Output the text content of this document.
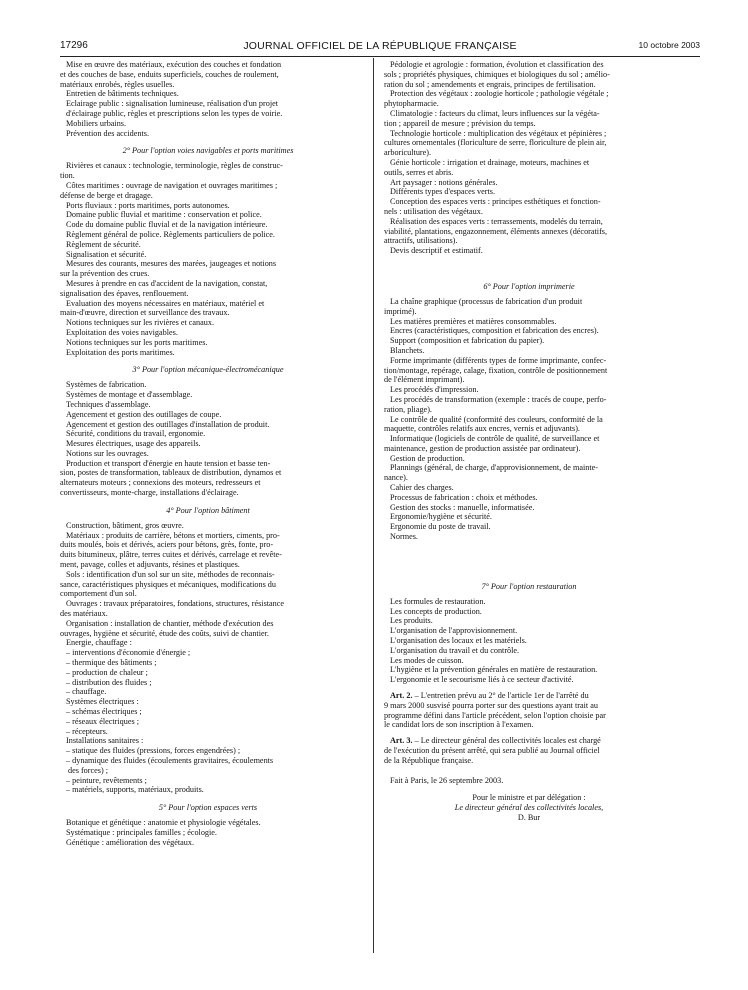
17296	JOURNAL OFFICIEL DE LA RÉPUBLIQUE FRANÇAISE	10 octobre 2003
Mise en œuvre des matériaux, exécution des couches et fondation
et des couches de base, enduits superficiels, couches de roulement,
matériaux enrobés, règles usuelles.
Entretien de bâtiments techniques.
Eclairage public : signalisation lumineuse, réalisation d'un projet
d'éclairage public, règles et prescriptions selon les types de voirie.
Mobiliers urbains.
Prévention des accidents.
2° Pour l'option voies navigables et ports maritimes
Rivières et canaux : technologie, terminologie, règles de construc-
tion.
Côtes maritimes : ouvrage de navigation et ouvrages maritimes ;
défense de berge et dragage.
Ports fluviaux : ports maritimes, ports autonomes.
Domaine public fluvial et maritime : conservation et police.
Code du domaine public fluvial et de la navigation intérieure.
Règlement général de police. Règlements particuliers de police.
Règlement de sécurité.
Signalisation et sécurité.
Mesures des courants, mesures des marées, jaugeages et notions
sur la prévention des crues.
Mesures à prendre en cas d'accident de la navigation, constat,
signalisation des épaves, renflouement.
Evaluation des moyens nécessaires en matériaux, matériel et
main-d'œuvre, direction et surveillance des travaux.
Notions techniques sur les rivières et canaux.
Exploitation des voies navigables.
Notions techniques sur les ports maritimes.
Exploitation des ports maritimes.
3° Pour l'option mécanique-électromécanique
Systèmes de fabrication.
Systèmes de montage et d'assemblage.
Techniques d'assemblage.
Agencement et gestion des outillages de coupe.
Agencement et gestion des outillages d'installation de produit.
Sécurité, conditions du travail, ergonomie.
Mesures électriques, usage des appareils.
Notions sur les ouvrages.
Production et transport d'énergie en haute tension et basse ten-
sion, postes de transformation, tableaux de distribution, dynamos et
alternateurs moteurs ; connexions des moteurs, redresseurs et
convertisseurs, monte-charge, installations d'éclairage.
4° Pour l'option bâtiment
Construction, bâtiment, gros œuvre.
Matériaux : produits de carrière, bétons et mortiers, ciments, pro-
duits moulés, bois et dérivés, aciers pour bétons, grès, fonte, pro-
duits bitumineux, plâtre, terres cuites et dérivés, carrelage et revête-
ment, pavage, colles et adjuvants, résines et plastiques.
Sols : identification d'un sol sur un site, méthodes de reconnais-
sance, caractéristiques physiques et mécaniques, modifications du
comportement d'un sol.
Ouvrages : travaux préparatoires, fondations, structures, résistance
des matériaux.
Organisation : installation de chantier, méthode d'exécution des
ouvrages, hygiène et sécurité, étude des coûts, suivi de chantier.
Energie, chauffage :
– interventions d'économie d'énergie ;
– thermique des bâtiments ;
– production de chaleur ;
– distribution des fluides ;
– chauffage.
Systèmes électriques :
– schémas électriques ;
– réseaux électriques ;
– récepteurs.
Installations sanitaires :
– statique des fluides (pressions, forces engendrées) ;
– dynamique des fluides (écoulements gravitaires, écoulements
des forces) ;
– peinture, revêtements ;
– matériels, supports, matériaux, produits.
5° Pour l'option espaces verts
Botanique et génétique : anatomie et physiologie végétales.
Systématique : principales familles ; écologie.
Génétique : amélioration des végétaux.
Pédologie et agrologie : formation, évolution et classification des
sols ; propriétés physiques, chimiques et biologiques du sol ; amélio-
ration du sol ; amendements et engrais, principes de fertilisation.
Protection des végétaux : zoologie horticole ; pathologie végétale ;
phytopharmacie.
Climatologie : facteurs du climat, leurs influences sur la végéta-
tion ; appareil de mesure ; prévision du temps.
Technologie horticole : multiplication des végétaux et pépinières ;
cultures ornementales (floriculture de serre, floriculture de plein air,
arboriculture).
Génie horticole : irrigation et drainage, moteurs, machines et
outils, serres et abris.
Art paysager : notions générales.
Différents types d'espaces verts.
Conception des espaces verts : principes esthétiques et fonction-
nels : utilisation des végétaux.
Réalisation des espaces verts : terrassements, modelés du terrain,
viabilité, plantations, engazonnement, éléments annexes (décoratifs,
attractifs, utilisations).
Devis descriptif et estimatif.
6° Pour l'option imprimerie
La chaîne graphique (processus de fabrication d'un produit
imprimé).
Les matières premières et matières consommables.
Encres (caractéristiques, composition et fabrication des encres).
Support (composition et fabrication du papier).
Blanchets.
Forme imprimante (différents types de forme imprimante, confec-
tion/montage, repérage, calage, fixation, contrôle de positionnement
de l'élément imprimant).
Les procédés d'impression.
Les procédés de transformation (exemple : tracés de coupe, perfo-
ration, pliage).
Le contrôle de qualité (conformité des couleurs, conformité de la
maquette, contrôles relatifs aux encres, vernis et adjuvants).
Informatique (logiciels de contrôle de qualité, de surveillance et
maintenance, gestion de production assistée par ordinateur).
Gestion de production.
Plannings (général, de charge, d'approvisionnement, de mainte-
nance).
Cahier des charges.
Processus de fabrication : choix et méthodes.
Gestion des stocks : manuelle, informatisée.
Ergonomie/hygiène et sécurité.
Ergonomie du poste de travail.
Normes.
7° Pour l'option restauration
Les formules de restauration.
Les concepts de production.
Les produits.
L'organisation de l'approvisionnement.
L'organisation des locaux et les matériels.
L'organisation du travail et du contrôle.
Les modes de cuisson.
L'hygiène et la prévention générales en matière de restauration.
L'ergonomie et le secourisme liés à ce secteur d'activité.
Art. 2. – L'entretien prévu au 2° de l'article 1er de l'arrêté du
9 mars 2000 susvisé pourra porter sur des questions ayant trait au
programme défini dans l'article précédent, selon l'option choisie par
le candidat lors de son inscription à l'examen.
Art. 3. – Le directeur général des collectivités locales est chargé
de l'exécution du présent arrêté, qui sera publié au Journal officiel
de la République française.
Fait à Paris, le 26 septembre 2003.
Pour le ministre et par délégation :
Le directeur général des collectivités locales,
D. Bur
